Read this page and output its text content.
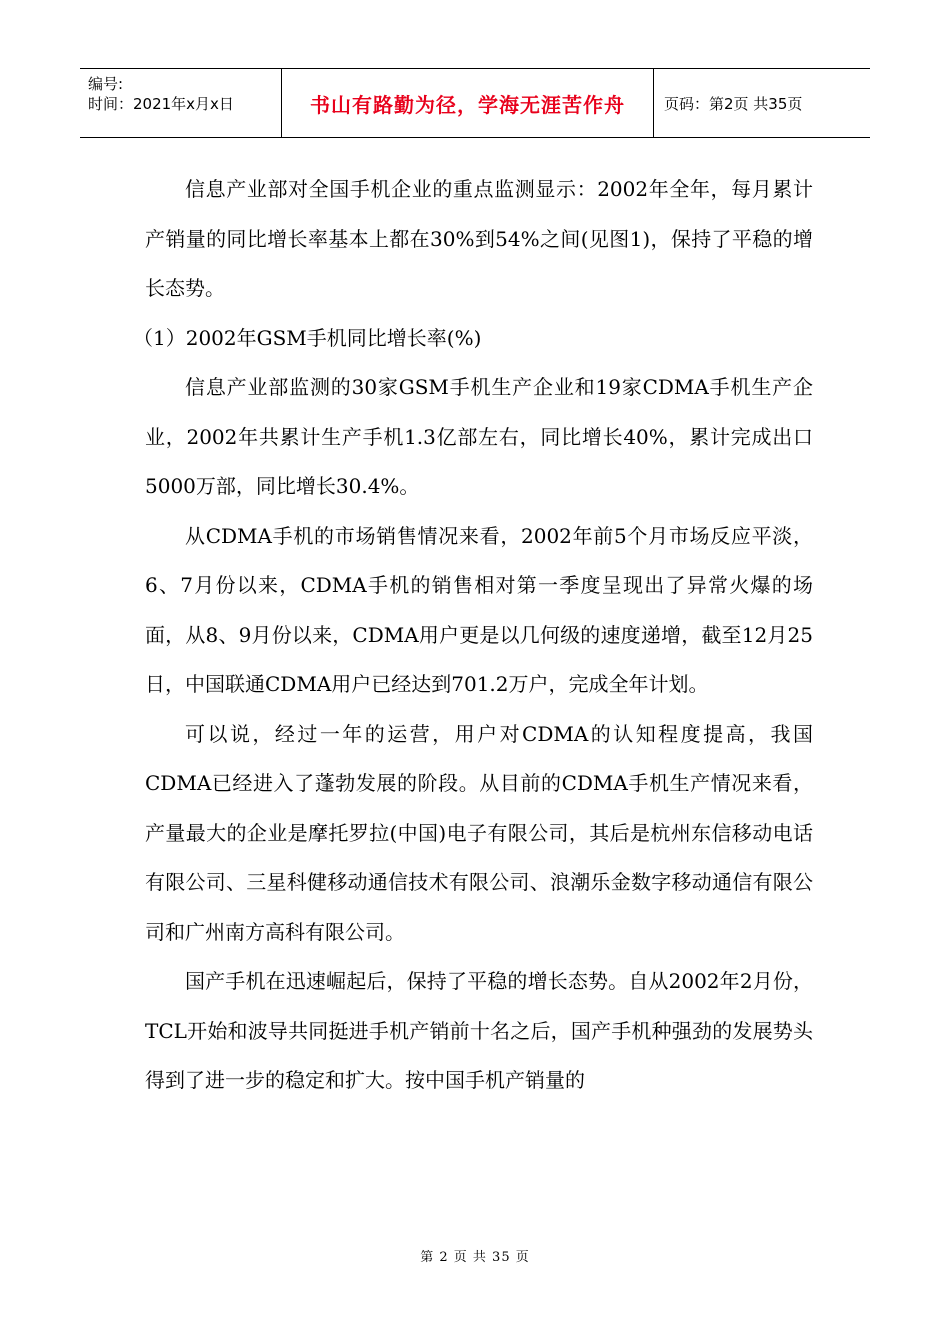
编号:
时间：2021年x月x日	书山有路勤为径，学海无涯苦作舟	页码：第2页 共35页

信息产业部对全国手机企业的重点监测显示：2002年全年，每月累计产销量的同比增长率基本上都在30%到54%之间(见图1)，保持了平稳的增长态势。

（1）2002年GSM手机同比增长率(%)

信息产业部监测的30家GSM手机生产企业和19家CDMA手机生产企业，2002年共累计生产手机1.3亿部左右，同比增长40%，累计完成出口5000万部，同比增长30.4%。

从CDMA手机的市场销售情况来看，2002年前5个月市场反应平淡，6、7月份以来，CDMA手机的销售相对第一季度呈现出了异常火爆的场面，从8、9月份以来，CDMA用户更是以几何级的速度递增，截至12月25日，中国联通CDMA用户已经达到701.2万户，完成全年计划。

可以说，经过一年的运营，用户对CDMA的认知程度提高，我国CDMA已经进入了蓬勃发展的阶段。从目前的CDMA手机生产情况来看，产量最大的企业是摩托罗拉(中国)电子有限公司，其后是杭州东信移动电话有限公司、三星科健移动通信技术有限公司、浪潮乐金数字移动通信有限公司和广州南方高科有限公司。

国产手机在迅速崛起后，保持了平稳的增长态势。自从2002年2月份，TCL开始和波导共同挺进手机产销前十名之后，国产手机种强劲的发展势头得到了进一步的稳定和扩大。按中国手机产销量的

第 2 页 共 35 页
